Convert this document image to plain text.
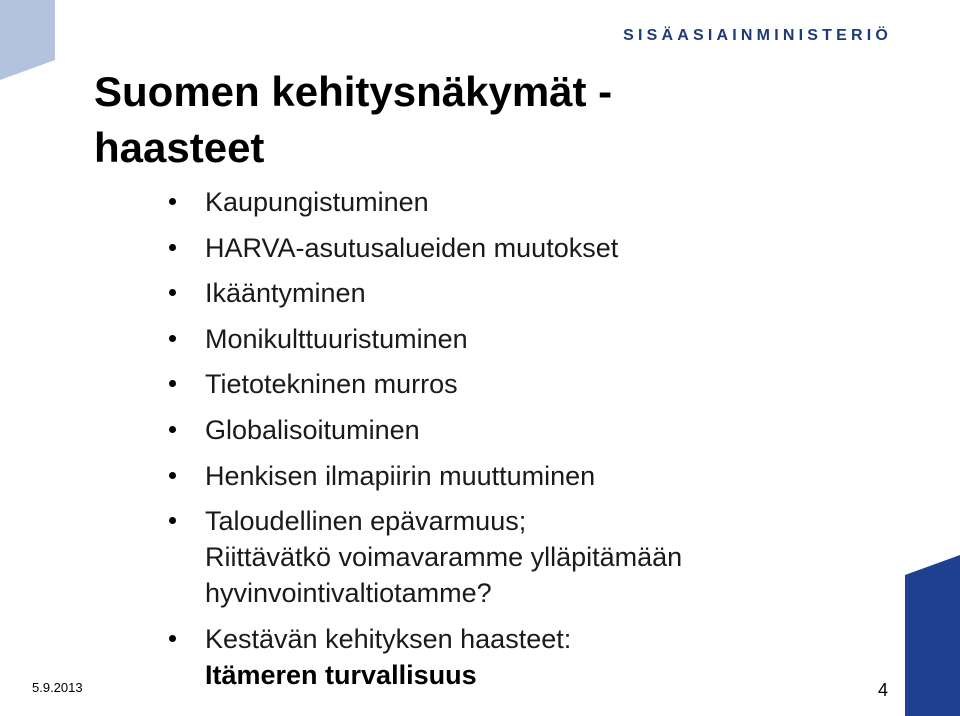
SISÄASIAINMINISTERIÖ
Suomen kehitysnäkymät -
haasteet
Kaupungistuminen
HARVA-asutusalueiden muutokset
Ikääntyminen
Monikulttuuristuminen
Tietotekninen murros
Globalisoituminen
Henkisen ilmapiirin muuttuminen
Taloudellinen epävarmuus;
Riittävätkö voimavaramme ylläpitämään
hyvinvointivaltiotamme?
Kestävän kehityksen haasteet:
Itämeren turvallisuus
5.9.2013	4
